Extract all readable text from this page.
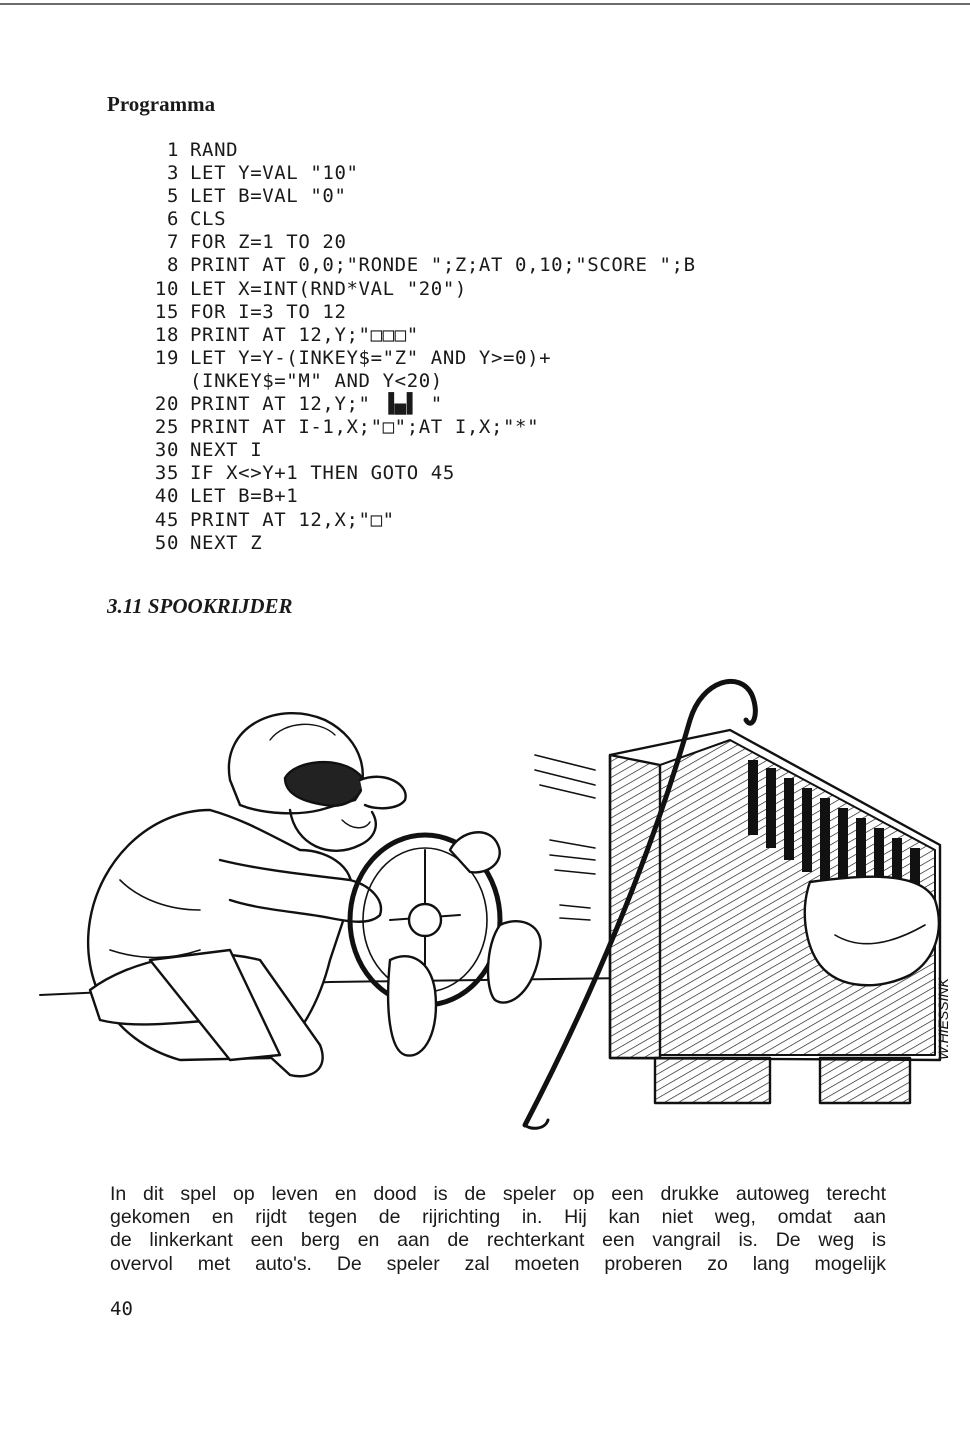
Programma
1 RAND
3 LET Y=VAL "10"
5 LET B=VAL "0"
6 CLS
7 FOR Z=1 TO 20
8 PRINT AT 0,0;"RONDE ";Z;AT 0,10;"SCORE ";B
10 LET X=INT(RND*VAL "20")
15 FOR I=3 TO 12
18 PRINT AT 12,Y;"□□□"
19 LET Y=Y-(INKEY$="Z" AND Y>=0)+
(INKEY$="M" AND Y<20)
20 PRINT AT 12,Y;" ▐▄▌ "
25 PRINT AT I-1,X;"□";AT I,X;"*"
30 NEXT I
35 IF X<>Y+1 THEN GOTO 45
40 LET B=B+1
45 PRINT AT 12,X;"□"
50 NEXT Z
3.11 SPOOKRIJDER
W.HIESSINK
In dit spel op leven en dood is de speler op een drukke autoweg terecht
gekomen en rijdt tegen de rijrichting in. Hij kan niet weg, omdat aan
de linkerkant een berg en aan de rechterkant een vangrail is. De weg is
overvol met auto's. De speler zal moeten proberen zo lang mogelijk
40
